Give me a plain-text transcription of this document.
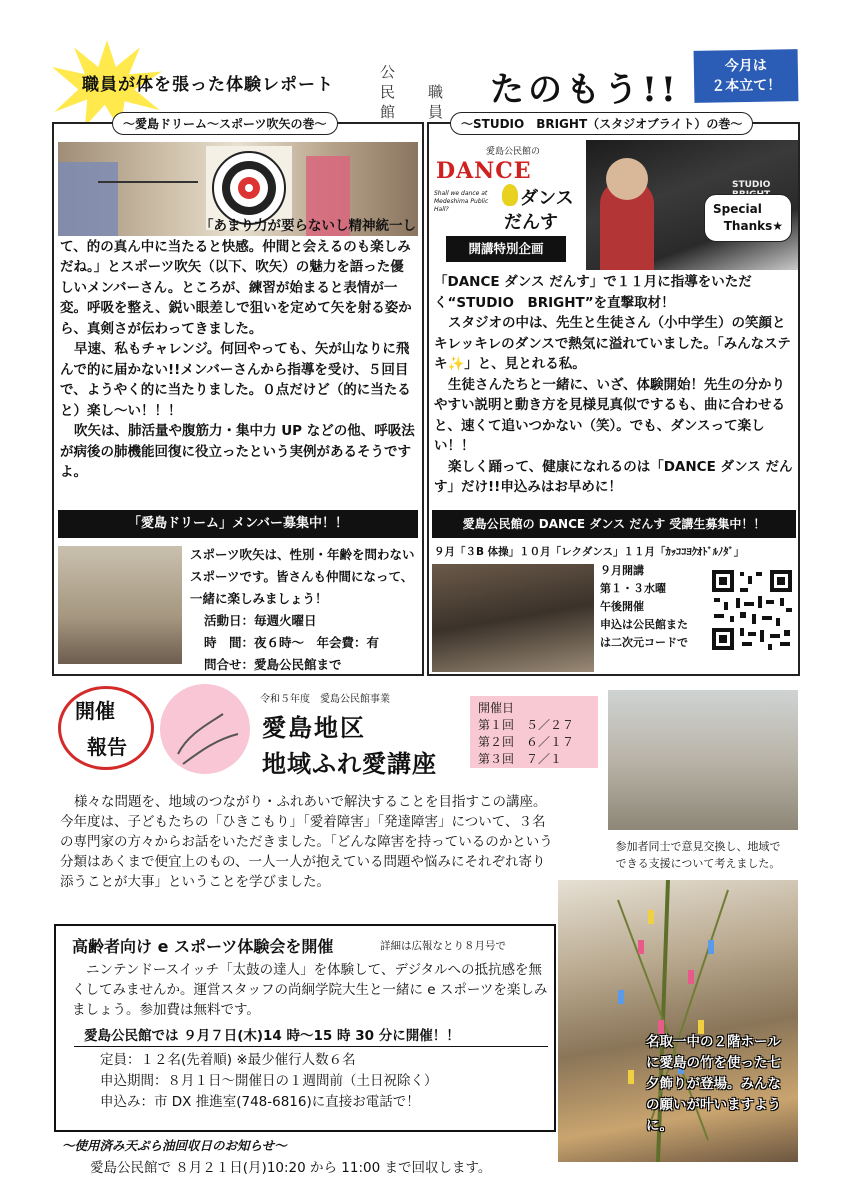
職員が体を張った体験レポート
公民館
職員
たのもう!!
今月は
２本立て！
～愛島ドリーム～スポーツ吹矢の巻～

「あまり力が要らないし精神統一して、的の真ん中に当たると快感。仲間と会えるのも楽しみだね。」とスポーツ吹矢（以下、吹矢）の魅力を語った優しいメンバーさん。ところが、練習が始まると表情が一変。呼吸を整え、鋭い眼差しで狙いを定めて矢を射る姿から、真剣さが伝わってきました。

早速、私もチャレンジ。何回やっても、矢が山なりに飛んで的に届かない!!メンバーさんから指導を受け、５回目で、ようやく的に当たりました。０点だけど（的に当たると）楽し～い！！！

吹矢は、肺活量や腹筋力・集中力 UP などの他、呼吸法が病後の肺機能回復に役立ったという実例があるそうですよ。

「愛島ドリーム」メンバー募集中！！
スポーツ吹矢は、性別・年齢を問わないスポーツです。皆さんも仲間になって、一緒に楽しみましょう！
活動日：毎週火曜日
時　間：夜６時～　年会費：有
問合せ：愛島公民館まで
～STUDIO　BRIGHT（スタジオブライト）の巻～
愛島公民館の
DANCE
ダンス
だんす
Shall we dance at Medeshima Public Hall?
STUDIO
Special
Thanks★
開講特別企画

「DANCE ダンス だんす」で１１月に指導をいただく“STUDIO　BRIGHT”を直撃取材！

スタジオの中は、先生と生徒さん（小中学生）の笑顔とキレッキレのダンスで熱気に溢れていました。「みんなステキ✨」と、見とれる私。

生徒さんたちと一緒に、いざ、体験開始！先生の分かりやすい説明と動き方を見様見真似でするも、曲に合わせると、速くて追いつかない（笑）。でも、ダンスって楽しい！！

楽しく踊って、健康になれるのは「DANCE ダンス だんす」だけ!!申込みはお早めに！

愛島公民館の DANCE ダンス だんす 受講生募集中！！
９月「３B 体操」１０月「レクダンス」１１月「ｶｯｺｺﾖｸｵﾄﾞﾙﾉﾀﾞ」
９月開講
第１・３水曜
午後開催
申込は公民館また
は二次元コードで
開催
報告
令和５年度　愛島公民館事業
愛島地区
地域ふれ愛講座
開催日
第１回　５／２７
第２回　６／１７
第３回　７／１
参加者同士で意見交換し、地域で
できる支援について考えました。
様々な問題を、地域のつながり・ふれあいで解決することを目指すこの講座。今年度は、子どもたちの「ひきこもり」「愛着障害」「発達障害」について、３名の専門家の方々からお話をいただきました。「どんな障害を持っているのかという分類はあくまで便宜上のもの、一人一人が抱えている問題や悩みにそれぞれ寄り添うことが大事」ということを学びました。
高齢者向け e スポーツ体験会を開催	詳細は広報なとり８月号で
ニンテンドースイッチ「太鼓の達人」を体験して、デジタルへの抵抗感を無くしてみませんか。運営スタッフの尚絅学院大生と一緒に e スポーツを楽しみましょう。参加費は無料です。
愛島公民館では ９月７日(木)14 時～15 時 30 分に開催！！
定員：１２名(先着順) ※最少催行人数６名
申込期間：８月１日～開催日の１週間前（土日祝除く）
申込み：市 DX 推進室(748-6816)に直接お電話で！
～使用済み天ぷら油回収日のお知らせ～
愛島公民館で ８月２１日(月)10:20 から 11:00 まで回収します。
名取一中の２階ホールに愛島の竹を使った七夕飾りが登場。みんなの願いが叶いますように。
